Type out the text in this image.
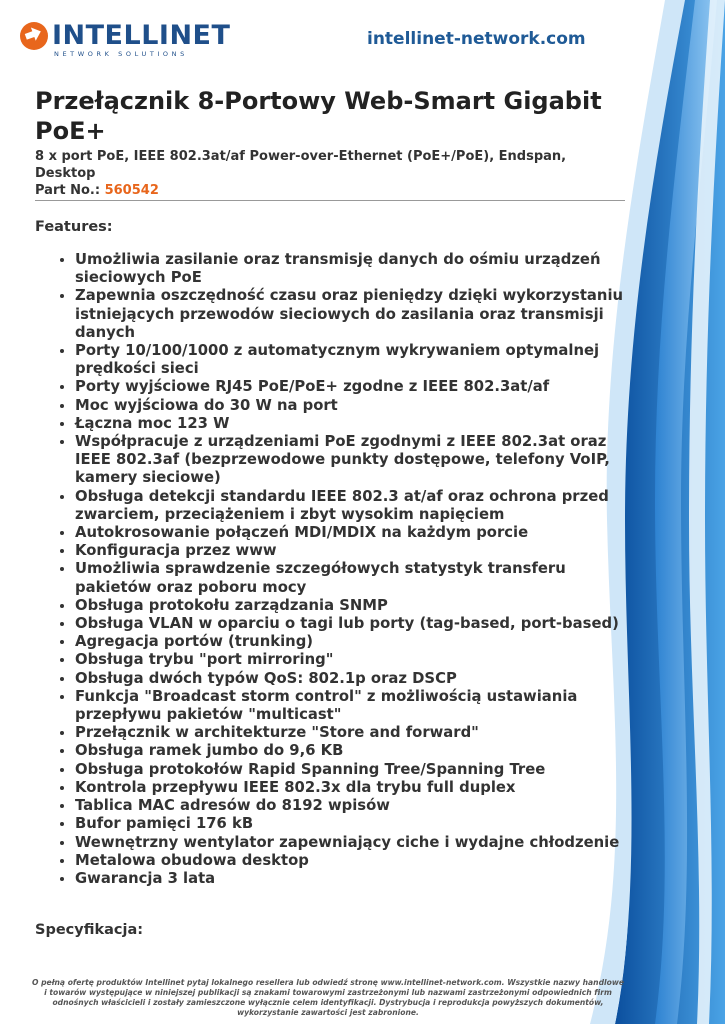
INTELLINET
NETWORK SOLUTIONS
intellinet-network.com
Przełącznik 8-Portowy Web-Smart Gigabit PoE+
8 x port PoE, IEEE 802.3at/af Power-over-Ethernet (PoE+/PoE), Endspan, Desktop
Part No.: 560542
Features:
• Umożliwia zasilanie oraz transmisję danych do ośmiu urządzeń sieciowych PoE
• Zapewnia oszczędność czasu oraz pieniędzy dzięki wykorzystaniu istniejących przewodów sieciowych do zasilania oraz transmisji danych
• Porty 10/100/1000 z automatycznym wykrywaniem optymalnej prędkości sieci
• Porty wyjściowe RJ45 PoE/PoE+ zgodne z IEEE 802.3at/af
• Moc wyjściowa do 30 W na port
• Łączna moc 123 W
• Współpracuje z urządzeniami PoE zgodnymi z IEEE 802.3at oraz IEEE 802.3af (bezprzewodowe punkty dostępowe, telefony VoIP, kamery sieciowe)
• Obsługa detekcji standardu IEEE 802.3 at/af oraz ochrona przed zwarciem, przeciążeniem i zbyt wysokim napięciem
• Autokrosowanie połączeń MDI/MDIX na każdym porcie
• Konfiguracja przez www
• Umożliwia sprawdzenie szczegółowych statystyk transferu pakietów oraz poboru mocy
• Obsługa protokołu zarządzania SNMP
• Obsługa VLAN w oparciu o tagi lub porty (tag-based, port-based)
• Agregacja portów (trunking)
• Obsługa trybu "port mirroring"
• Obsługa dwóch typów QoS: 802.1p oraz DSCP
• Funkcja "Broadcast storm control" z możliwością ustawiania przepływu pakietów "multicast"
• Przełącznik w architekturze "Store and forward"
• Obsługa ramek jumbo do 9,6 KB
• Obsługa protokołów Rapid Spanning Tree/Spanning Tree
• Kontrola przepływu IEEE 802.3x dla trybu full duplex
• Tablica MAC adresów do 8192 wpisów
• Bufor pamięci 176 kB
• Wewnętrzny wentylator zapewniający ciche i wydajne chłodzenie
• Metalowa obudowa desktop
• Gwarancja 3 lata
Specyfikacja:
O pełną ofertę produktów Intellinet pytaj lokalnego resellera lub odwiedź stronę www.intellinet-network.com. Wszystkie nazwy handlowe i towarów występujące w niniejszej publikacji są znakami towarowymi zastrzeżonymi lub nazwami zastrzeżonymi odpowiednich firm odnośnych właścicieli i zostały zamieszczone wyłącznie celem identyfikacji. Dystrybucja i reprodukcja powyższych dokumentów, wykorzystanie zawartości jest zabronione.
